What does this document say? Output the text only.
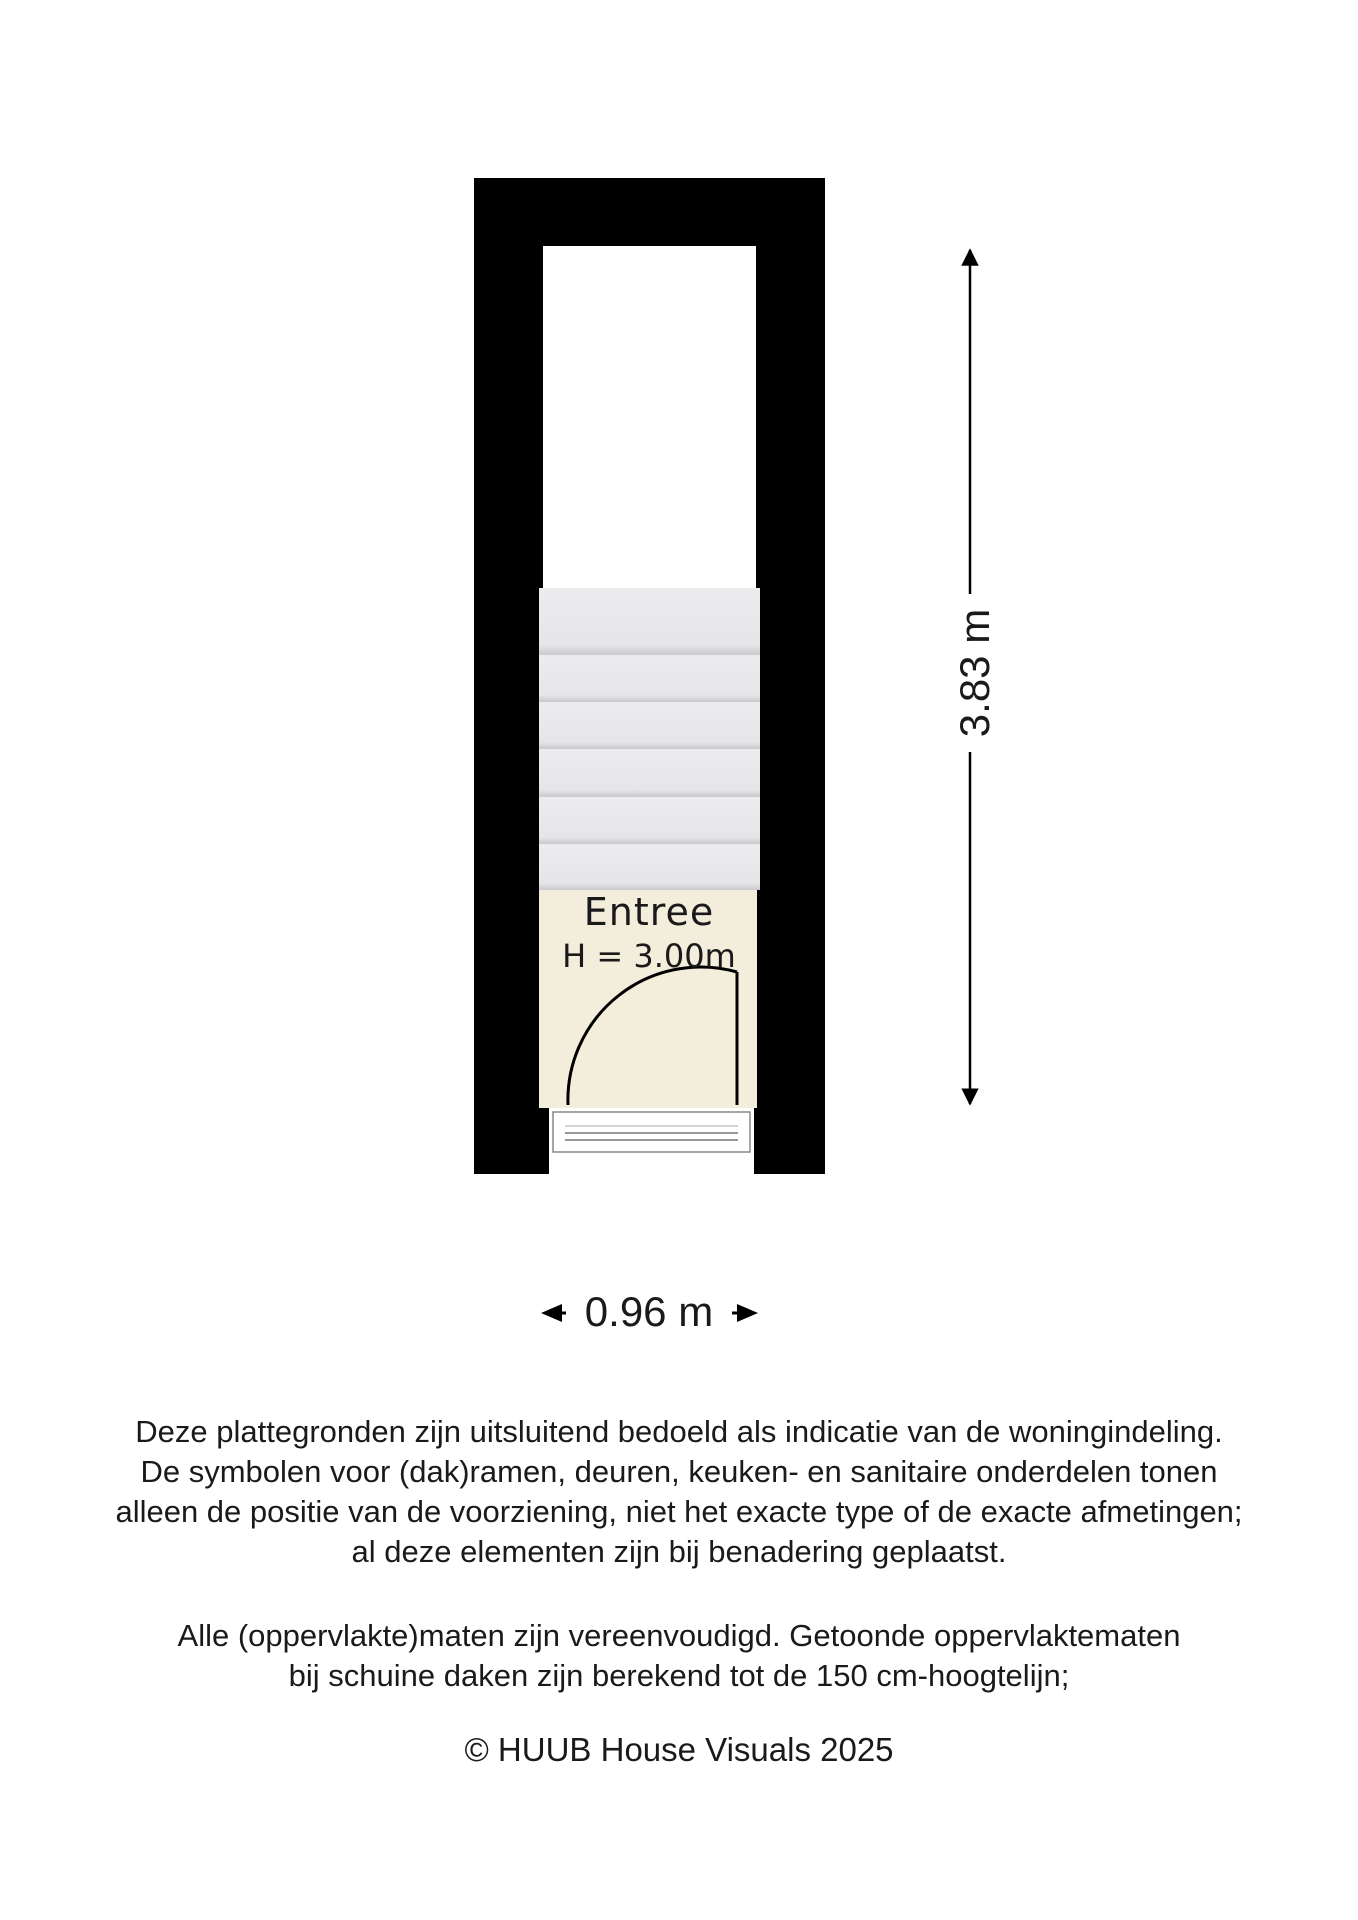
Entree
H = 3.00m
3.83 m
0.96 m
Deze plattegronden zijn uitsluitend bedoeld als indicatie van de woningindeling.
De symbolen voor (dak)ramen, deuren, keuken- en sanitaire onderdelen tonen
alleen de positie van de voorziening, niet het exacte type of de exacte afmetingen;
al deze elementen zijn bij benadering geplaatst.
Alle (oppervlakte)maten zijn vereenvoudigd. Getoonde oppervlaktematen
bij schuine daken zijn berekend tot de 150 cm-hoogtelijn;
© HUUB House Visuals 2025
